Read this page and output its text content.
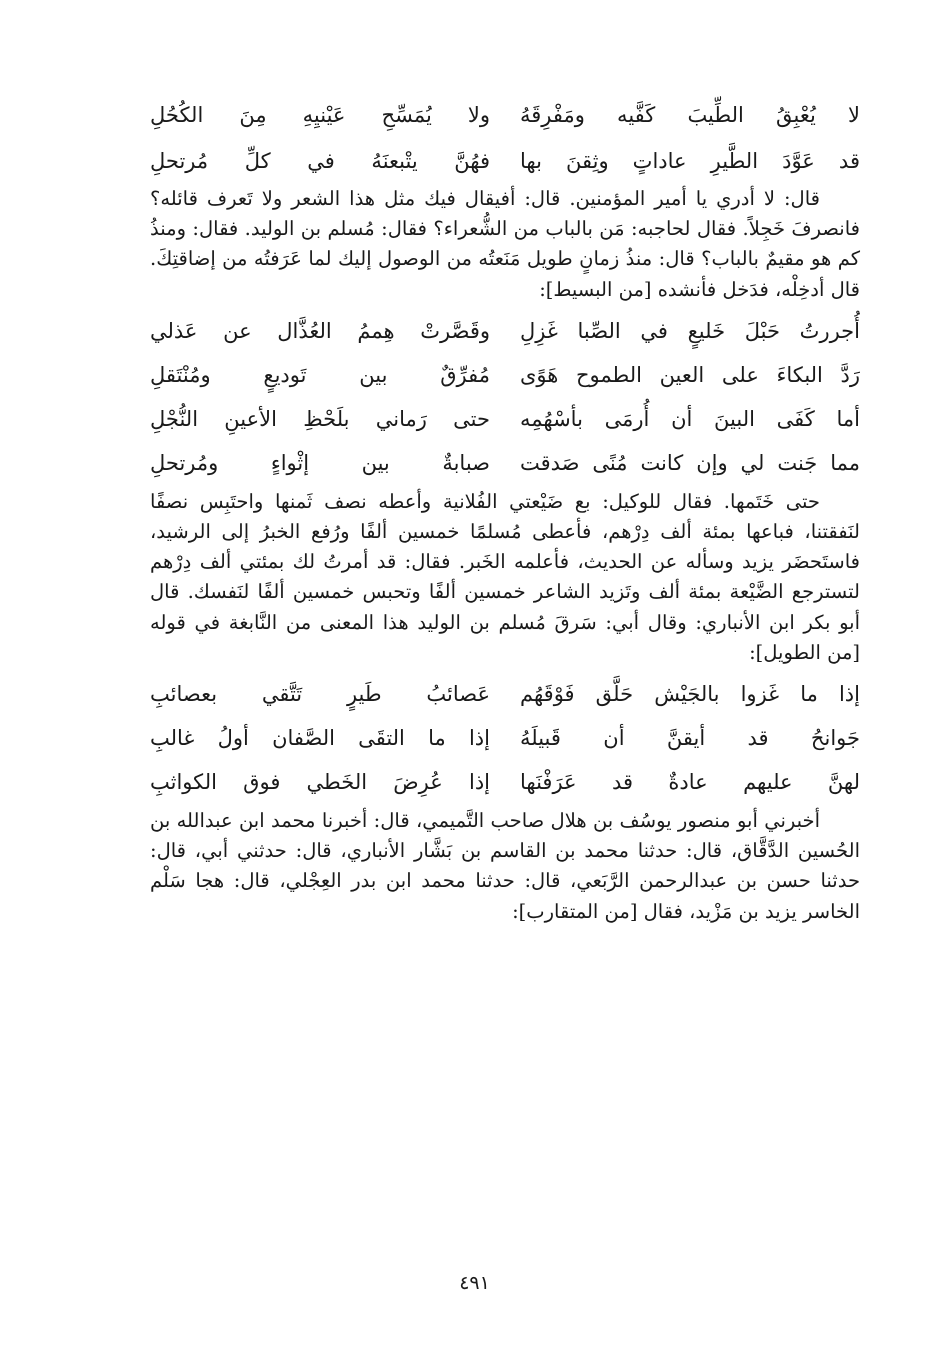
لا يُعْبِقُ الطِّيبَ كَفَّيه ومَفْرِقَهُ
ولا يُمَسِّحِ عَيْنيِهِ مِنَ الكُحُلِ
قد عَوَّدَ الطَّيرِ عاداتٍ وثِقنَ بها
فهُنَّ يتْبعنَهُ في كلِّ مُرتحلِ

قال: لا أدري يا أمير المؤمنين. قال: أفيقال فيك مثل هذا الشعر ولا تَعرف قائله؟ فانصرفَ خَجِلاً. فقال لحاجبه: مَن بالباب من الشُّعراء؟ فقال: مُسلم بن الوليد. فقال: ومنذُ كم هو مقيمٌ بالباب؟ قال: منذُ زمانٍ طويل مَنَعتُه من الوصول إليك لما عَرَفتُه من إضاقتِكَ. قال أدخِلْه، فدَخل فأنشده [من البسيط]:

أُجررتُ حَبْلَ خَليعٍ في الصِّبا غَزِلِ
وقَصَّرتْ هِممُ العُذَّال عن عَذلي
رَدَّ البكاءَ على العين الطموح هَوًى
مُفرِّقٌ بين تَوديعٍ ومُنْتَقلِ
أما كَفَى البينَ أن أُرمَى بأسْهُمِه
حتى رَماني بلَحْظِ الأعينِ النُّجْلِ
مما جَنت لي وإن كانت مُنًى صَدقت
صبابةٌ بين إثْواءٍ ومُرتحلِ

حتى خَتَمها. فقال للوكيل: بع ضَيْعتي الفُلانية وأعطه نصف ثَمنها واحتَبِس نصفًا لنَفقتنا، فباعها بمئة ألف دِرْهم، فأعطى مُسلمًا خمسين ألفًا ورُفع الخبرُ إلى الرشيد، فاستَحضَر يزيد وسأله عن الحديث، فأعلمه الخَبر. فقال: قد أمرتُ لك بمئتي ألف دِرْهم لتسترجع الضَّيْعة بمئة ألف وتَزيد الشاعر خمسين ألفًا وتحبس خمسين ألفًا لنَفسك. قال أبو بكر ابن الأنباري: وقال أبي: سَرقَ مُسلم بن الوليد هذا المعنى من النَّابغة في قوله [من الطويل]:

إذا ما غَزوا بالجَيْش حَلَّق فَوْقَهُم
عَصائبُ طَيرٍ تَتَّقي بعصائبِ
جَوانحُ قد أيقنَّ أن قَبيلَهُ
إذا ما التقَى الصَّفان أولُ غالبِ
لهنَّ عليهم عادةٌ قد عَرَفْنَها
إذا عُرِضَ الخَطي فوق الكواثبِ

أخبرني أبو منصور يوسُف بن هلال صاحب التَّميمي، قال: أخبرنا محمد ابن عبدالله بن الحُسين الدَّقَّاق، قال: حدثنا محمد بن القاسم بن بَشَّار الأنباري، قال: حدثني أبي، قال: حدثنا حسن بن عبدالرحمن الرَّبَعي، قال: حدثنا محمد ابن بدر العِجْلي، قال: هجا سَلْم الخاسر يزيد بن مَزْيد، فقال [من المتقارب]:

٤٩١
